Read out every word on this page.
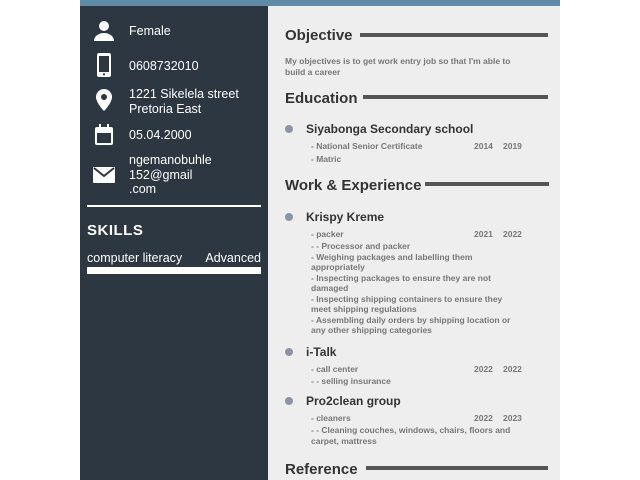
Female
0608732010
1221 Sikelela street
Pretoria East
05.04.2000
ngemanobuhle
152@gmail
.com
SKILLS
computer literacy Advanced
Objective
My objectives is to get work entry job so that I'm able to build a career
Education
Siyabonga Secondary school
- National Senior Certificate	2014 2019
- Matric
Work & Experience
Krispy Kreme
- packer	2021 2022
- - Processor and packer
- Weighing packages and labelling them appropriately
- Inspecting packages to ensure they are not damaged
- Inspecting shipping containers to ensure they meet shipping regulations
- Assembling daily orders by shipping location or any other shipping categories
i-Talk
- call center	2022 2022
- - selling insurance
Pro2clean group
- cleaners	2022 2023
- - Cleaning couches, windows, chairs, floors and carpet, mattress
Reference
